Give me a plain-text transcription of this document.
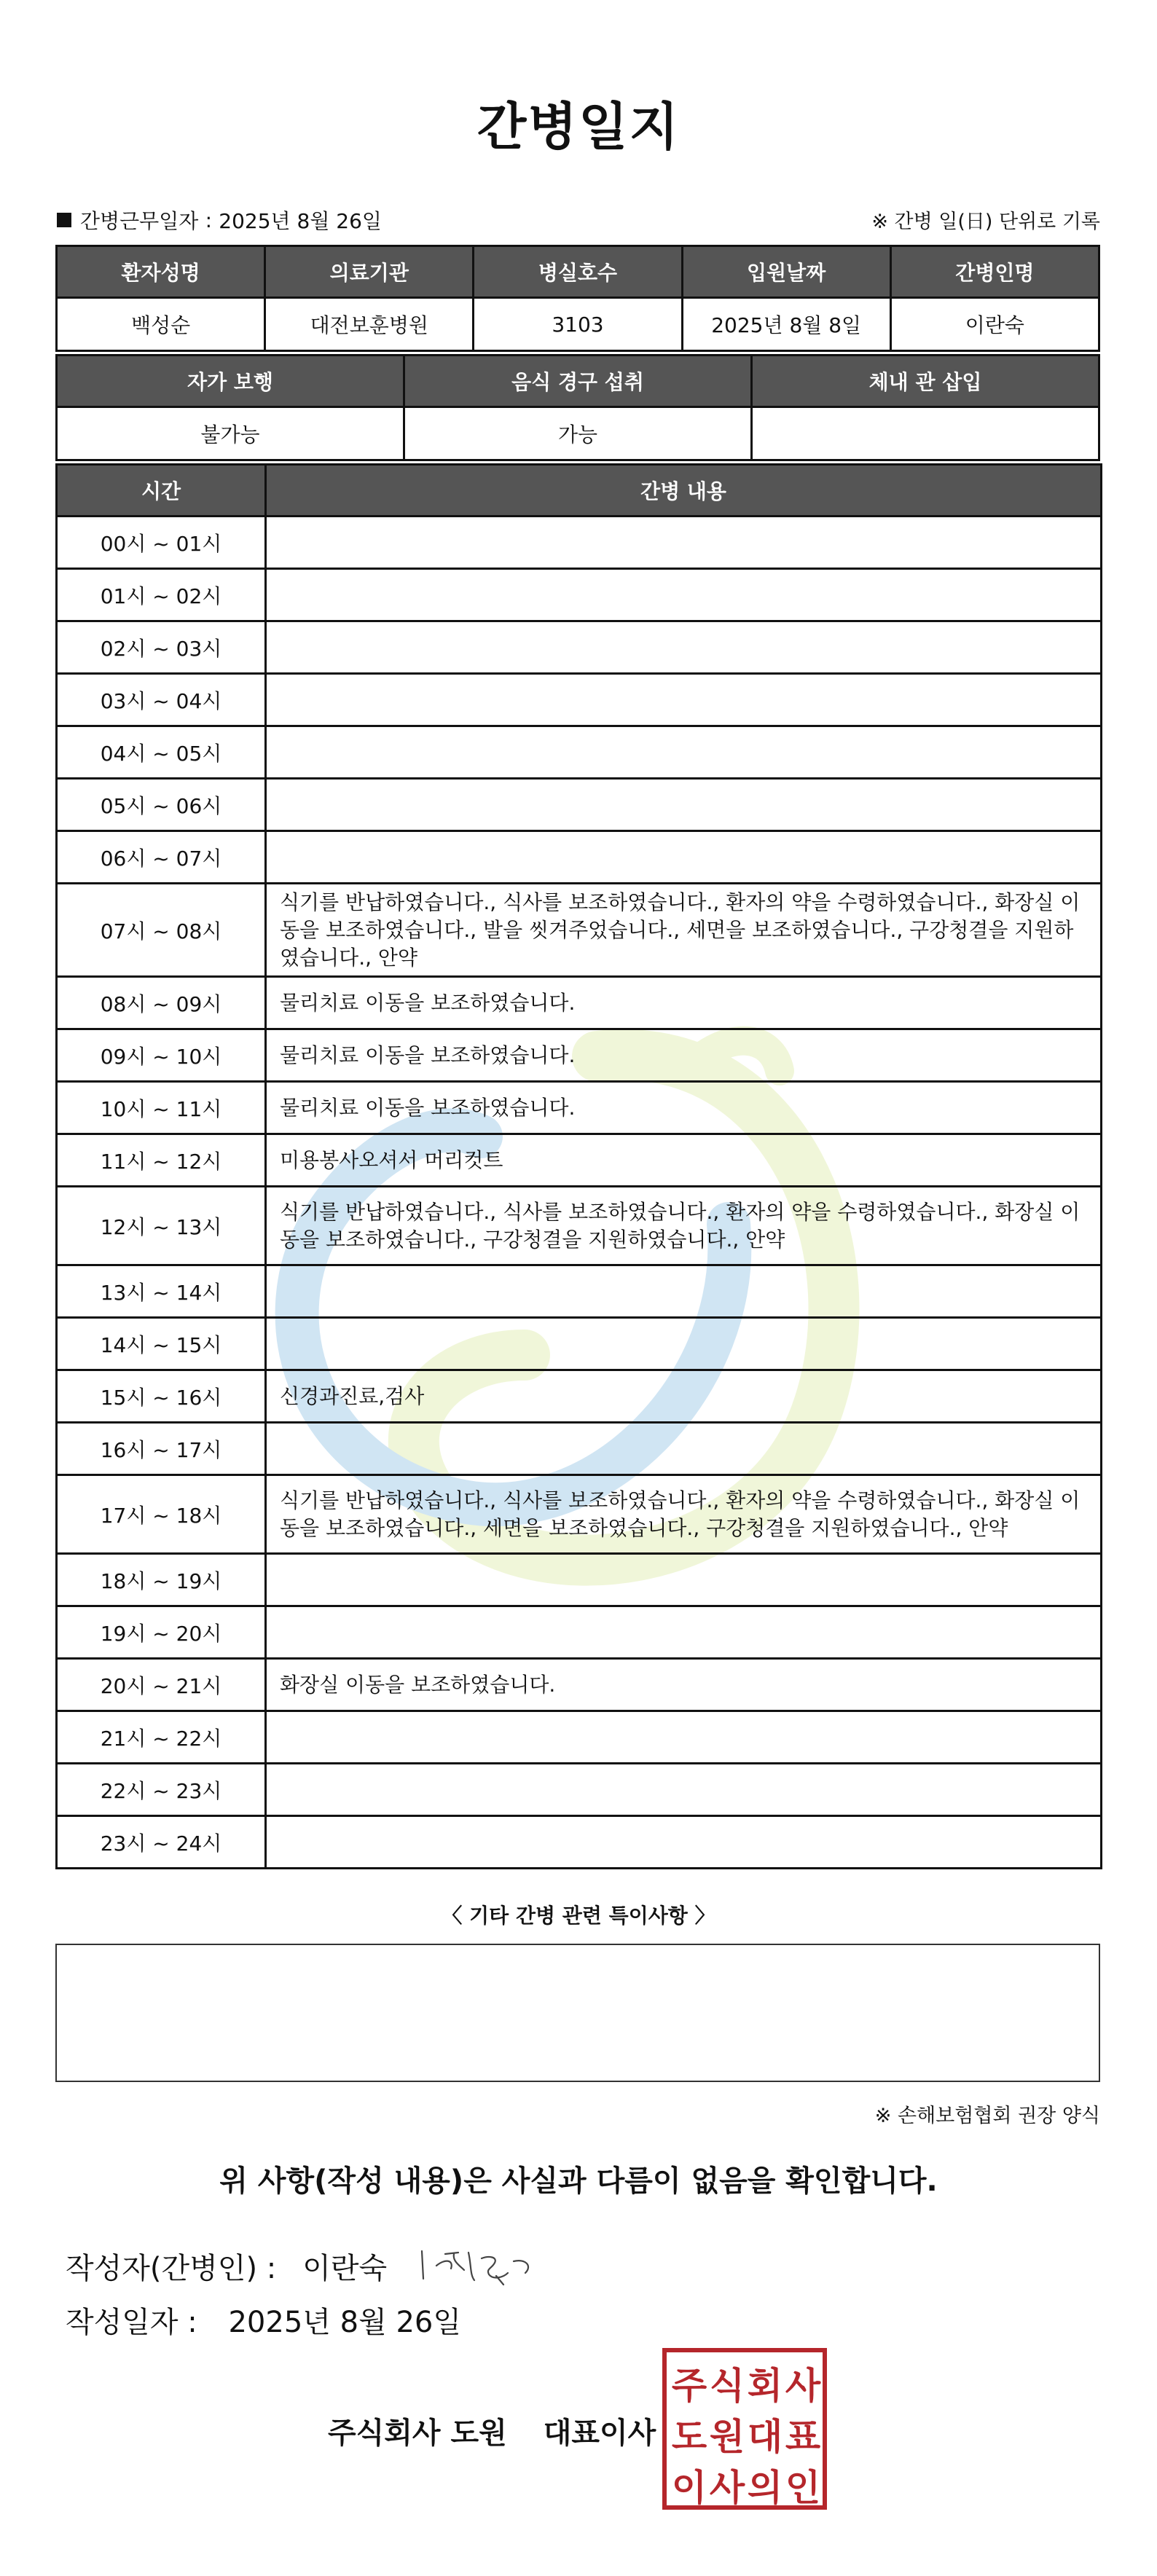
간병일지
간병근무일자 : 2025년 8월 26일	※ 간병 일(日) 단위로 기록
환자성명	의료기관	병실호수	입원날짜	간병인명
백성순	대전보훈병원	3103	2025년 8월 8일	이란숙
자가 보행	음식 경구 섭취	체내 관 삽입
불가능	가능	
시간	간병 내용
00시 ~ 01시	
01시 ~ 02시	
02시 ~ 03시	
03시 ~ 04시	
04시 ~ 05시	
05시 ~ 06시	
06시 ~ 07시	
07시 ~ 08시	식기를 반납하였습니다., 식사를 보조하였습니다., 환자의 약을 수령하였습니다., 화장실 이동을 보조하였습니다., 발을 씻겨주었습니다., 세면을 보조하였습니다., 구강청결을 지원하였습니다., 안약
08시 ~ 09시	물리치료 이동을 보조하였습니다.
09시 ~ 10시	물리치료 이동을 보조하였습니다.
10시 ~ 11시	물리치료 이동을 보조하였습니다.
11시 ~ 12시	미용봉사오셔서 머리컷트
12시 ~ 13시	식기를 반납하였습니다., 식사를 보조하였습니다., 환자의 약을 수령하였습니다., 화장실 이동을 보조하였습니다., 구강청결을 지원하였습니다., 안약
13시 ~ 14시	
14시 ~ 15시	
15시 ~ 16시	신경과진료,검사
16시 ~ 17시	
17시 ~ 18시	식기를 반납하였습니다., 식사를 보조하였습니다., 환자의 약을 수령하였습니다., 화장실 이동을 보조하였습니다., 세면을 보조하였습니다., 구강청결을 지원하였습니다., 안약
18시 ~ 19시	
19시 ~ 20시	
20시 ~ 21시	화장실 이동을 보조하였습니다.
21시 ~ 22시	
22시 ~ 23시	
23시 ~ 24시	
〈 기타 간병 관련 특이사항 〉
※ 손해보험협회 권장 양식
위 사항(작성 내용)은 사실과 다름이 없음을 확인합니다.
작성자(간병인) : 이란숙
작성일자 : 2025년 8월 26일
주식회사 도원 대표이사
주 식 회 사
도 원 대 표
이 사 의 인
